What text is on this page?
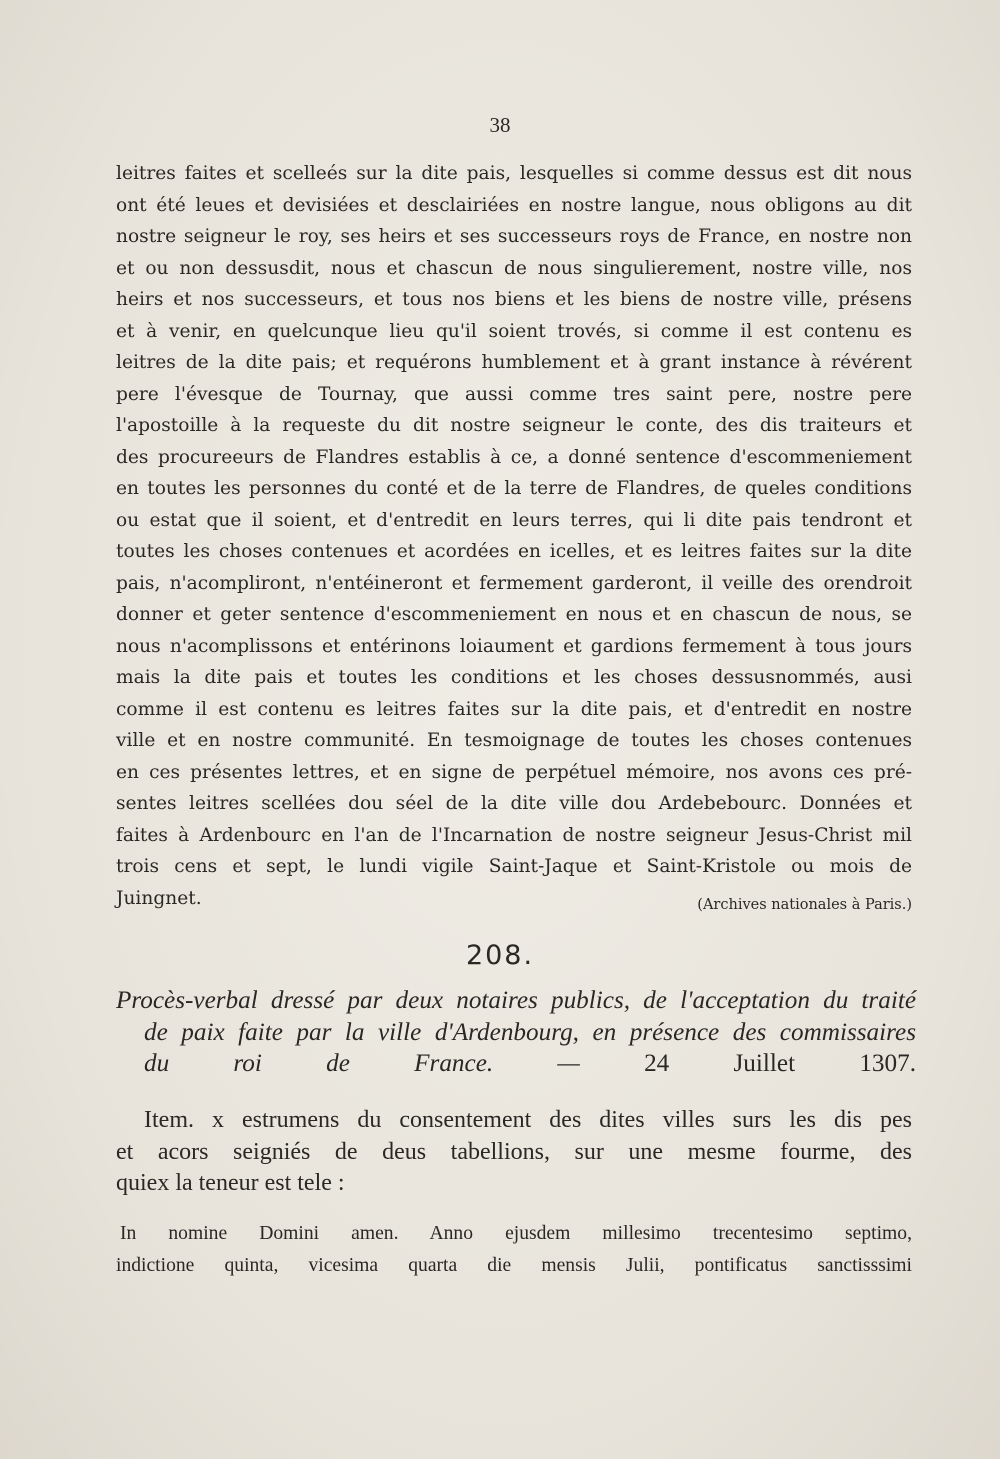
38
leitres faites et scelleés sur la dite pais, lesquelles si comme dessus est dit nous
ont été leues et devisiées et desclairiées en nostre langue, nous obligons au dit
nostre seigneur le roy, ses heirs et ses successeurs roys de France, en nostre non
et ou non dessusdit, nous et chascun de nous singulierement, nostre ville, nos
heirs et nos successeurs, et tous nos biens et les biens de nostre ville, présens
et à venir, en quelcunque lieu qu'il soient trovés, si comme il est contenu es
leitres de la dite pais; et requérons humblement et à grant instance à révérent
pere l'évesque de Tournay, que aussi comme tres saint pere, nostre pere
l'apostoille à la requeste du dit nostre seigneur le conte, des dis traiteurs et
des procureeurs de Flandres establis à ce, a donné sentence d'escommeniement
en toutes les personnes du conté et de la terre de Flandres, de queles conditions
ou estat que il soient, et d'entredit en leurs terres, qui li dite pais tendront et
toutes les choses contenues et acordées en icelles, et es leitres faites sur la dite
pais, n'acompliront, n'entéineront et fermement garderont, il veille des orendroit
donner et geter sentence d'escommeniement en nous et en chascun de nous, se
nous n'acomplissons et entérinons loiaument et gardions fermement à tous jours
mais la dite pais et toutes les conditions et les choses dessusnommés, ausi
comme il est contenu es leitres faites sur la dite pais, et d'entredit en nostre
ville et en nostre communité. En tesmoignage de toutes les choses contenues
en ces présentes lettres, et en signe de perpétuel mémoire, nos avons ces pré-
sentes leitres scellées dou séel de la dite ville dou Ardebebourc. Données et
faites à Ardenbourc en l'an de l'Incarnation de nostre seigneur Jesus-Christ mil
trois cens et sept, le lundi vigile Saint-Jaque et Saint-Kristole ou mois de
Juingnet.	(Archives nationales à Paris.)
208.
Procès-verbal dressé par deux notaires publics, de l'acceptation du traité
de paix faite par la ville d'Ardenbourg, en présence des commissaires
du roi de France. —	24 Juillet 1307.
Item. x estrumens du consentement des dites villes surs les dis pes
et acors seigniés de deus tabellions, sur une mesme fourme, des
quiex la teneur est tele :
In nomine Domini amen. Anno ejusdem millesimo trecentesimo septimo,
indictione quinta, vicesima quarta die mensis Julii, pontificatus sanctisssimi
